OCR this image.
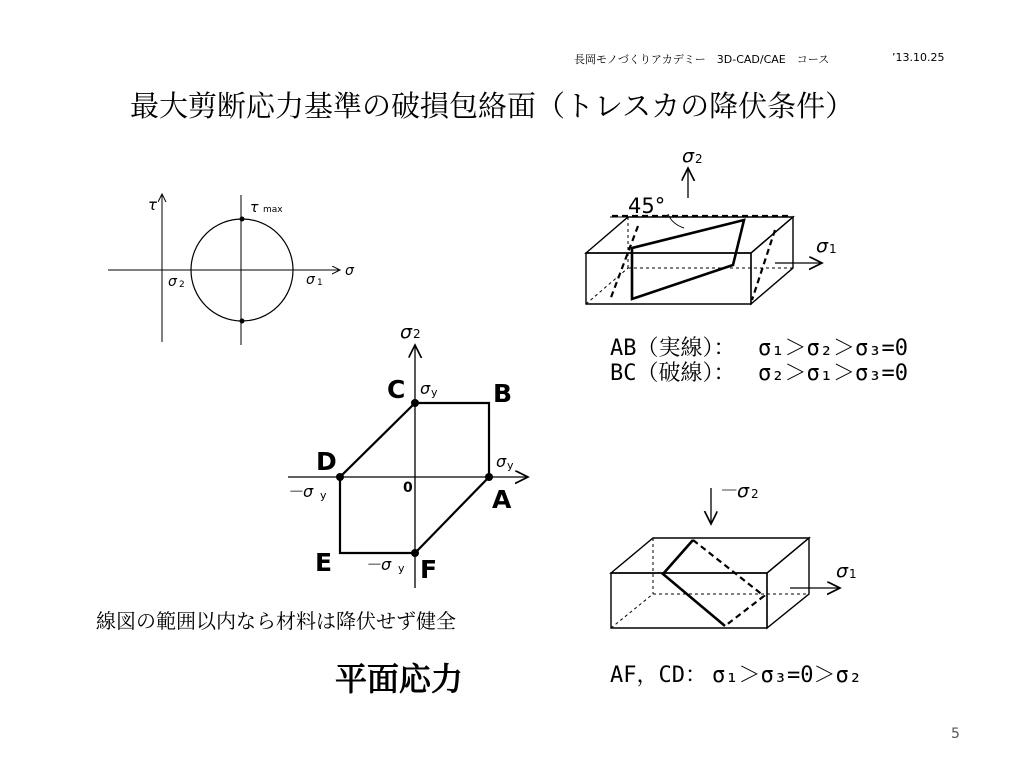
長岡モノづくりアカデミー　3D-CAD/CAE　コース	’13.10.25
最大剪断応力基準の破損包絡面（トレスカの降伏条件）
τ	τ max
σ
σ 1
σ 2
σ 2
C	B
D
A
E	F
0
σ y
σ y
－σ y
－σ y
45°
σ 2
σ 1
－σ 2
σ 1
AB（実線）： σ₁＞σ₂＞σ₃=0
BC（破線）： σ₂＞σ₁＞σ₃=0
AF，CD： σ₁＞σ₃=0＞σ₂
線図の範囲以内なら材料は降伏せず健全
平面応力
5
